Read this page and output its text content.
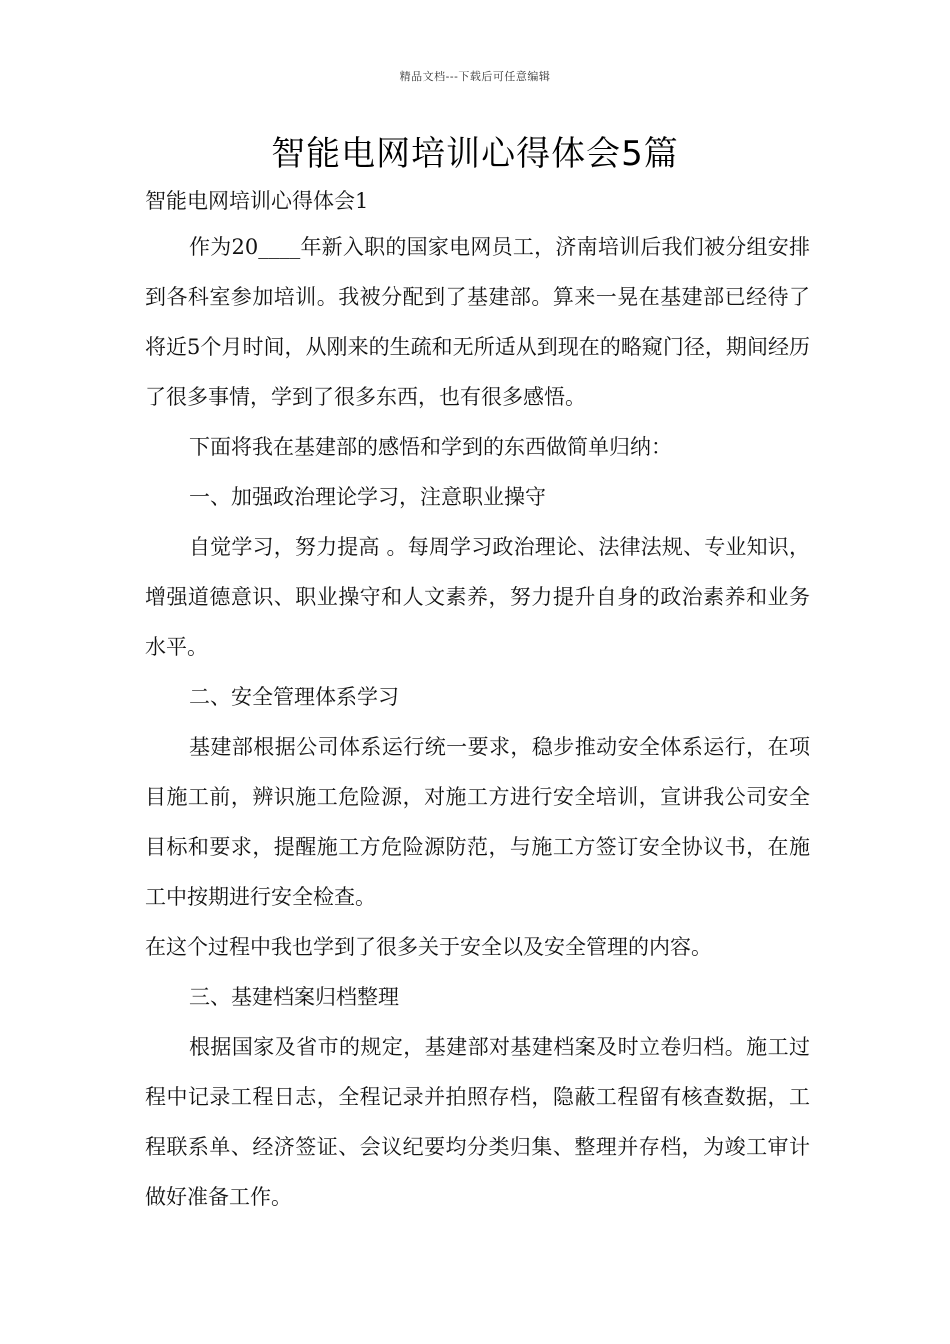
精品文档---下载后可任意编辑
智能电网培训心得体会5篇
智能电网培训心得体会1

作为20____年新入职的国家电网员工，济南培训后我们被分组安排到各科室参加培训。我被分配到了基建部。算来一晃在基建部已经待了将近5个月时间，从刚来的生疏和无所适从到现在的略窥门径，期间经历了很多事情，学到了很多东西，也有很多感悟。

下面将我在基建部的感悟和学到的东西做简单归纳：

一、加强政治理论学习，注意职业操守

自觉学习，努力提高 。每周学习政治理论、法律法规、专业知识，增强道德意识、职业操守和人文素养，努力提升自身的政治素养和业务水平。

二、安全管理体系学习

基建部根据公司体系运行统一要求，稳步推动安全体系运行，在项目施工前，辨识施工危险源，对施工方进行安全培训，宣讲我公司安全目标和要求，提醒施工方危险源防范，与施工方签订安全协议书，在施工中按期进行安全检查。

在这个过程中我也学到了很多关于安全以及安全管理的内容。

三、基建档案归档整理

根据国家及省市的规定，基建部对基建档案及时立卷归档。施工过程中记录工程日志，全程记录并拍照存档，隐蔽工程留有核查数据，工程联系单、经济签证、会议纪要均分类归集、整理并存档，为竣工审计做好准备工作。
